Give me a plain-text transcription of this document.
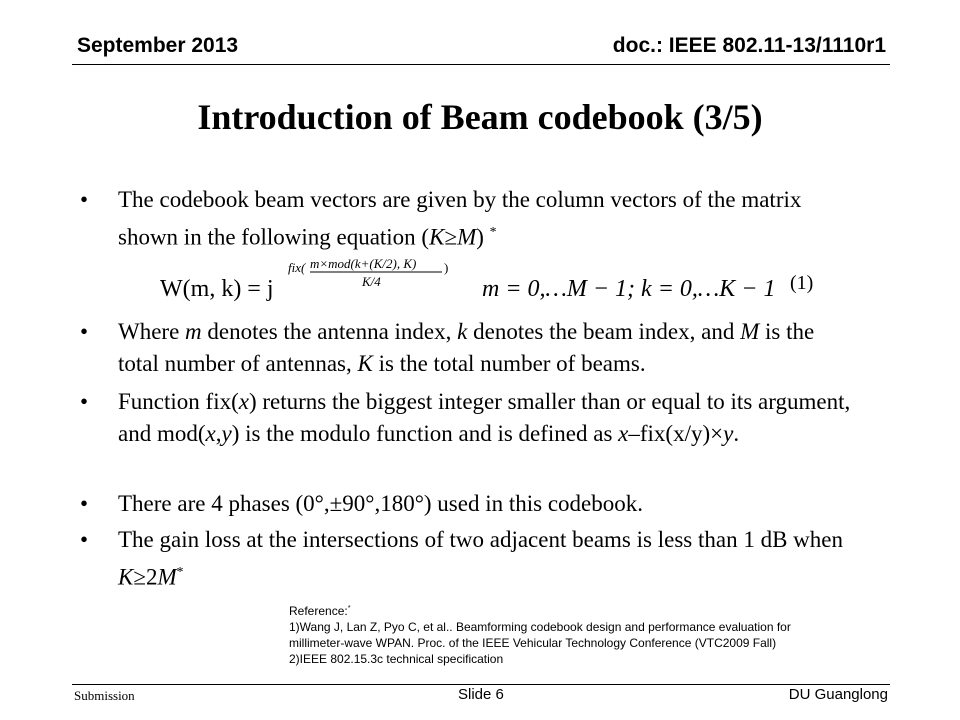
September 2013	doc.: IEEE 802.11-13/1110r1
Introduction of Beam codebook (3/5)
• The codebook beam vectors are given by the column vectors of the matrix shown in the following equation (K≥M) *
W(m, k) = j
fix( m×mod(k+(K/2), K)
K/4
)
m = 0,…M − 1; k = 0,…K − 1 (1)
• Where m denotes the antenna index, k denotes the beam index, and M is the total number of antennas, K is the total number of beams.
• Function fix(x) returns the biggest integer smaller than or equal to its argument, and mod(x,y) is the modulo function and is defined as x–fix(x/y)×y.
• There are 4 phases (0°,±90°,180°) used in this codebook.
• The gain loss at the intersections of two adjacent beams is less than 1 dB when K≥2M*
Reference:*
1)Wang J, Lan Z, Pyo C, et al.. Beamforming codebook design and performance evaluation for
millimeter-wave WPAN. Proc. of the IEEE Vehicular Technology Conference (VTC2009 Fall)
2)IEEE 802.15.3c technical specification
Submission	Slide 6	DU Guanglong
